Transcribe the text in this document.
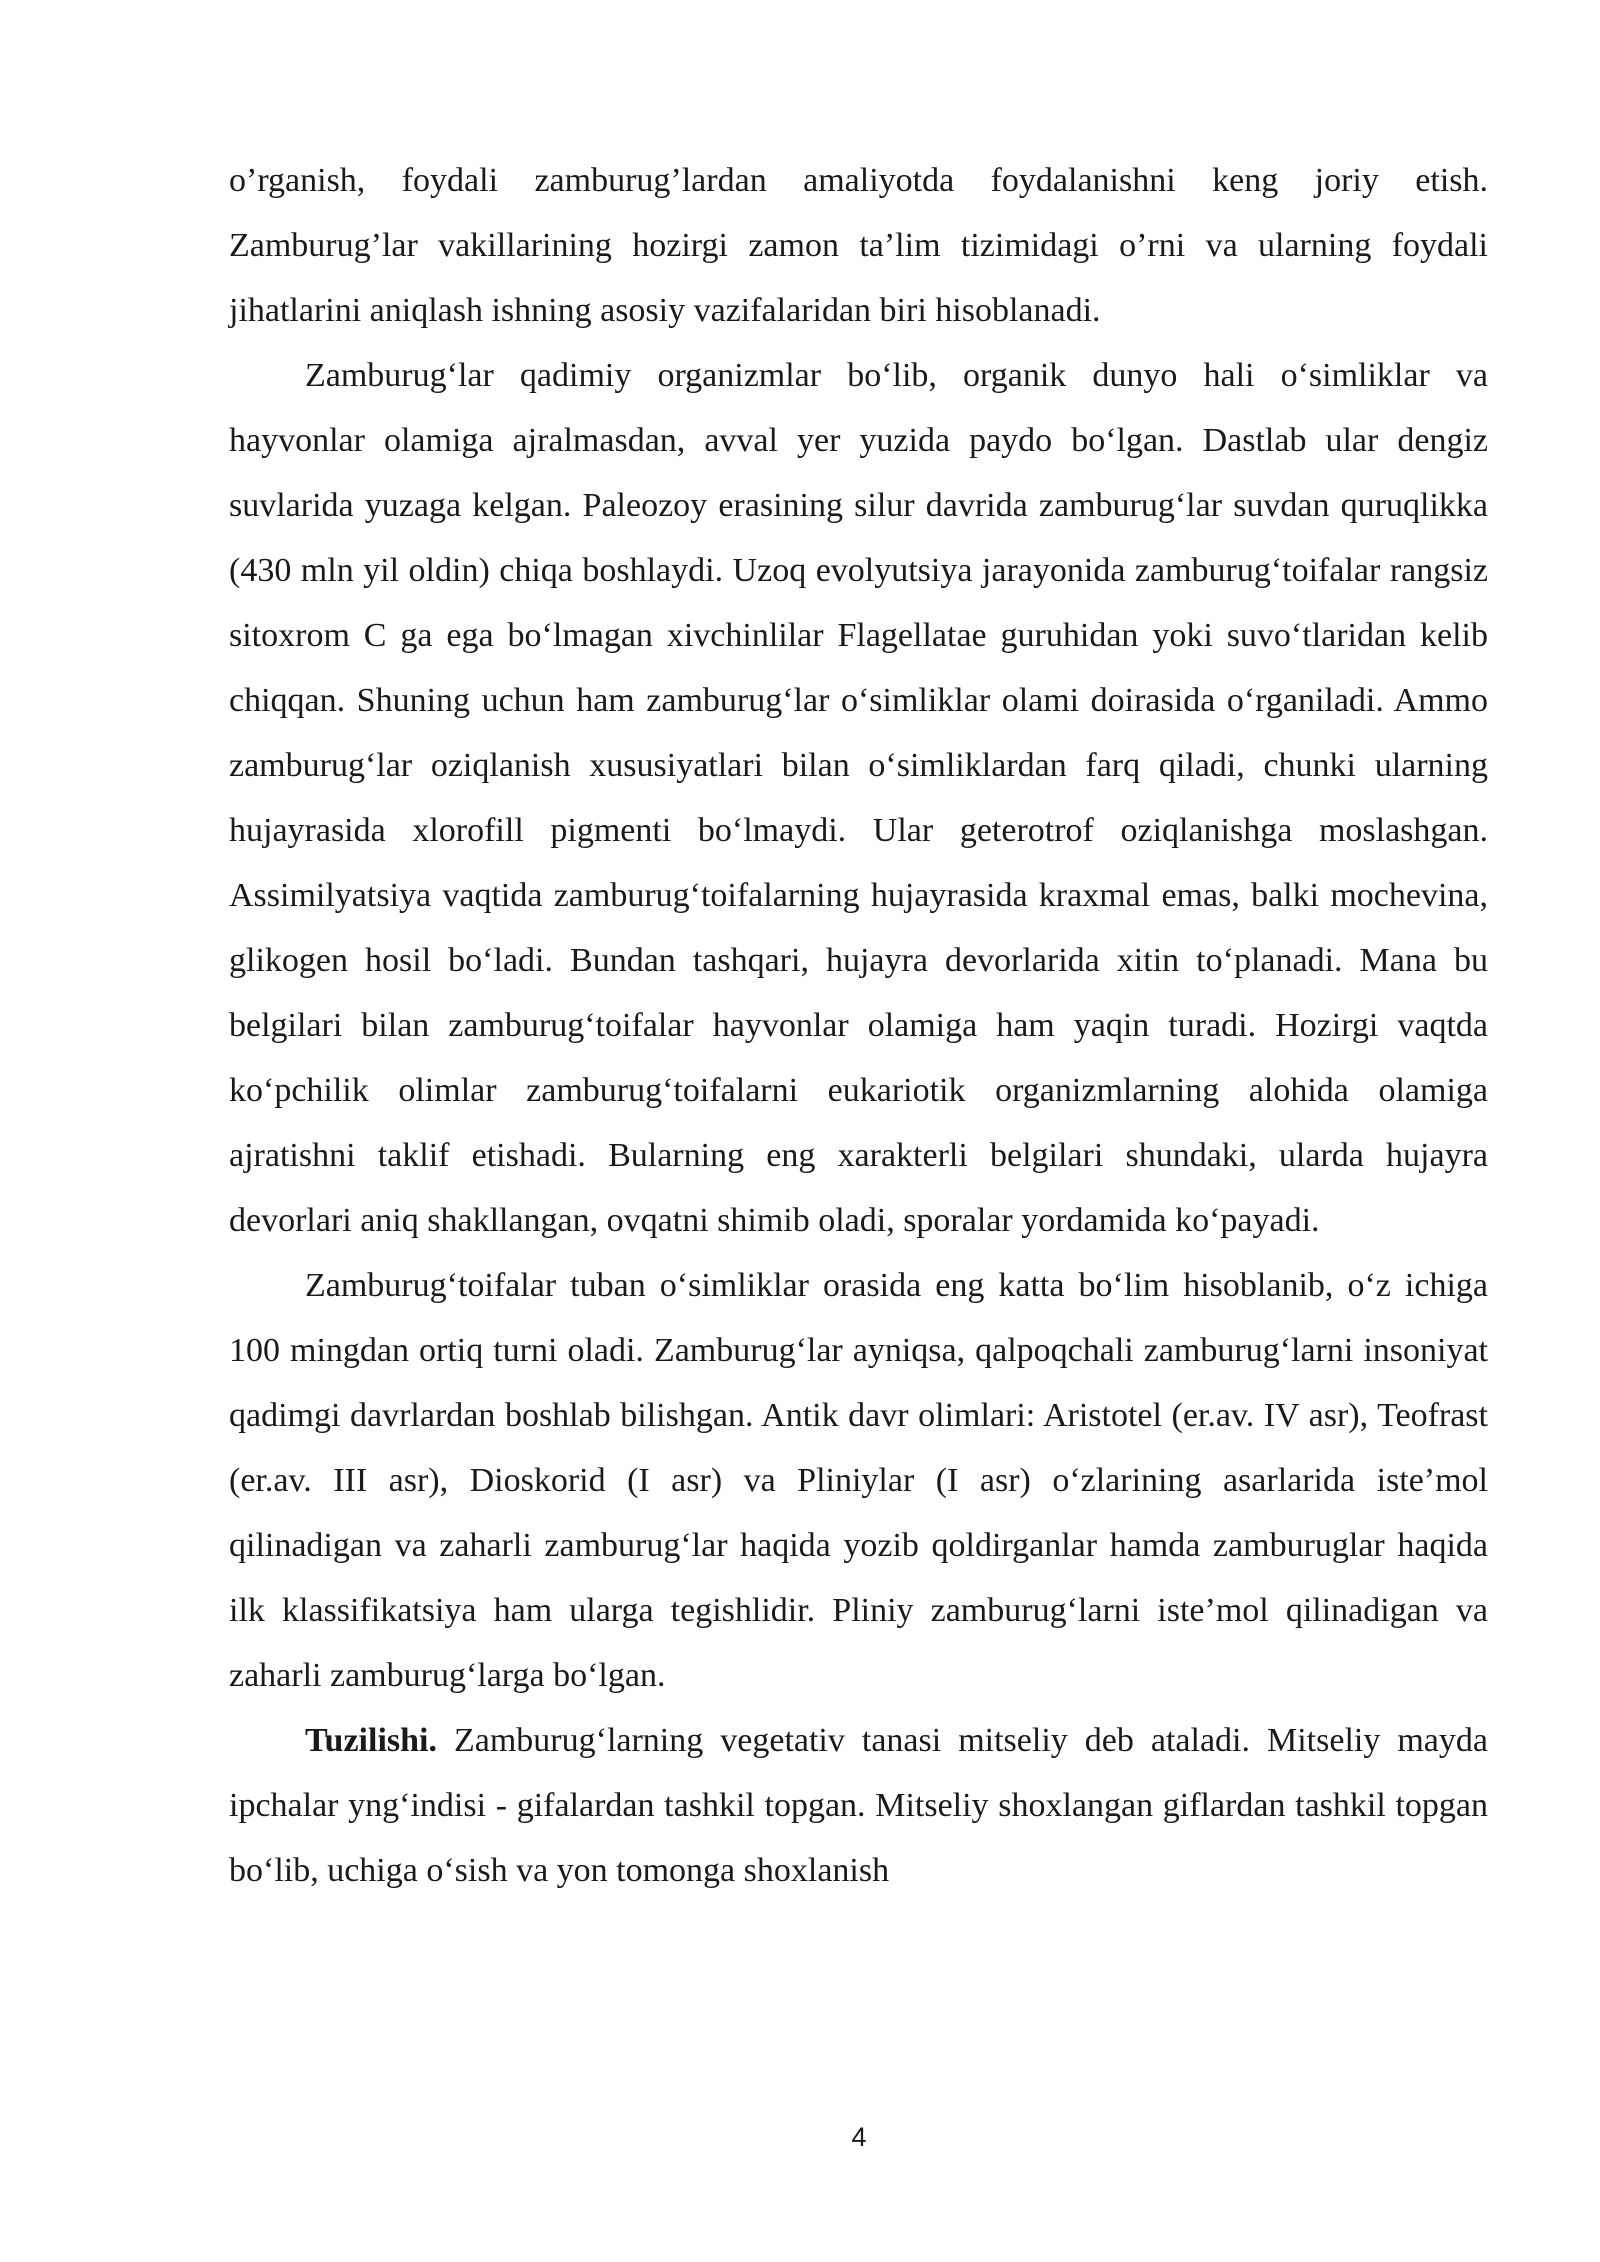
o’rganish, foydali zamburug’lardan amaliyotda foydalanishni keng joriy etish. Zamburug’lar vakillarining hozirgi zamon ta’lim tizimidagi o’rni va ularning foydali jihatlarini aniqlash ishning asosiy vazifalaridan biri hisoblanadi.

Zamburug‘lar qadimiy organizmlar bo‘lib, organik dunyo hali o‘simliklar va hayvonlar olamiga ajralmasdan, avval yer yuzida paydo bo‘lgan. Dastlab ular dengiz suvlarida yuzaga kelgan. Paleozoy erasining silur davrida zamburug‘lar suvdan quruqlikka (430 mln yil oldin) chiqa boshlaydi. Uzoq evolyutsiya jarayonida zamburug‘toifalar rangsiz sitoxrom C ga ega bo‘lmagan xivchinlilar Flagellatae guruhidan yoki suvo‘tlaridan kelib chiqqan. Shuning uchun ham zamburug‘lar o‘simliklar olami doirasida o‘rganiladi. Ammo zamburug‘lar oziqlanish xususiyatlari bilan o‘simliklardan farq qiladi, chunki ularning hujayrasida xlorofill pigmenti bo‘lmaydi. Ular geterotrof oziqlanishga moslashgan. Assimilyatsiya vaqtida zamburug‘toifalarning hujayrasida kraxmal emas, balki mochevina, glikogen hosil bo‘ladi. Bundan tashqari, hujayra devorlarida xitin to‘planadi. Mana bu belgilari bilan zamburug‘toifalar hayvonlar olamiga ham yaqin turadi. Hozirgi vaqtda ko‘pchilik olimlar zamburug‘toifalarni eukariotik organizmlarning alohida olamiga ajratishni taklif etishadi. Bularning eng xarakterli belgilari shundaki, ularda hujayra devorlari aniq shakllangan, ovqatni shimib oladi, sporalar yordamida ko‘payadi.

Zamburug‘toifalar tuban o‘simliklar orasida eng katta bo‘lim hisoblanib, o‘z ichiga 100 mingdan ortiq turni oladi. Zamburug‘lar ayniqsa, qalpoqchali zamburug‘larni insoniyat qadimgi davrlardan boshlab bilishgan. Antik davr olimlari: Aristotel (er.av. IV asr), Teofrast (er.av. III asr), Dioskorid (I asr) va Pliniylar (I asr) o‘zlarining asarlarida iste’mol qilinadigan va zaharli zamburug‘lar haqida yozib qoldirganlar hamda zamburuglar haqida ilk klassifikatsiya ham ularga tegishlidir. Pliniy zamburug‘larni iste’mol qilinadigan va zaharli zamburug‘larga bo‘lgan.

Tuzilishi. Zamburug‘larning vegetativ tanasi mitseliy deb ataladi. Mitseliy mayda ipchalar yng‘indisi - gifalardan tashkil topgan. Mitseliy shoxlangan giflardan tashkil topgan bo‘lib, uchiga o‘sish va yon tomonga shoxlanish

4
